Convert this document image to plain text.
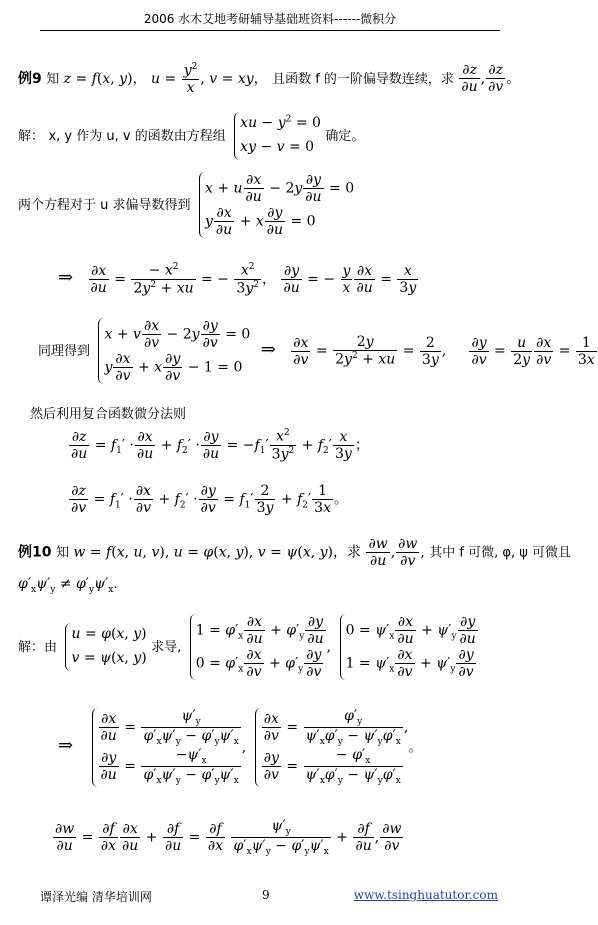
2006 水木艾地考研辅导基础班资料------微积分
例9 知 z = f(x, y)， $u = \frac{y^2}{x}$ , v = xy， 且函数 f 的一阶偏导数连续，求 $\frac{\partial z}{\partial u}$ , $\frac{\partial z}{\partial v}$ 。
解： x, y 作为 u, v 的函数由方程组
xu − $y^2 = 0$
xy − v = 0
确定。
两个方程对于 u 求偏导数得到
x + u $\frac{\partial x}{\partial u} - 2y \frac{\partial y}{\partial u} = 0$
y $\frac{\partial x}{\partial u} + x \frac{\partial y}{\partial u} = 0$
⇒ $\frac{\partial x}{\partial u} = \frac{- x^2}{2y^2 + xu}$ = − $\frac{x^2}{3y^2}$ ， $\frac{\partial y}{\partial u}$ = − $\frac{y}{x} \frac{\partial x}{\partial u} = \frac{x}{3y}$
同理得到
x + v $\frac{\partial x}{\partial v} - 2y \frac{\partial y}{\partial v} = 0$
y $\frac{\partial x}{\partial v} + x \frac{\partial y}{\partial v} - 1 = 0$
⇒ $\frac{\partial x}{\partial v} = \frac{2y}{2y^2 + xu} = \frac{2}{3y}$ , $\frac{\partial y}{\partial v} = \frac{u}{2y} \frac{\partial x}{\partial v} = \frac{1}{3x}$
然后利用复合函数微分法则
$\frac{\partial z}{\partial u} = f_1' \cdot \frac{\partial x}{\partial u} + f_2' \cdot \frac{\partial y}{\partial u} = -f_1' \frac{x^2}{3y^2} + f_2' \frac{x}{3y}$ ；
$\frac{\partial z}{\partial v} = f_1' \cdot \frac{\partial x}{\partial v} + f_2' \cdot \frac{\partial y}{\partial v} = f_1' \frac{2}{3y} + f_2' \frac{1}{3x}$ 。
例10 知 w = f(x, u, v), u = φ(x, y), v = ψ(x, y)，求 $\frac{\partial w}{\partial u}$ , $\frac{\partial w}{\partial v}$ , 其中 f 可微, φ, ψ 可微且
$\varphi'_x\psi'_y \ne \varphi'_y\psi'_x$.
解：由
u = φ(x, y)
v = ψ(x, y)
求导,
$1 = \varphi'_x \frac{\partial x}{\partial u} + \varphi'_y \frac{\partial y}{\partial u}$
$0 = \varphi'_x \frac{\partial x}{\partial v} + \varphi'_y \frac{\partial y}{\partial v}$ ,
$0 = \psi'_x \frac{\partial x}{\partial u} + \psi'_y \frac{\partial y}{\partial u}$
$1 = \psi'_x \frac{\partial x}{\partial v} + \psi'_y \frac{\partial y}{\partial v}$
⇒
$\frac{\partial x}{\partial u} = \frac{\psi'_y}{\varphi'_x\psi'_y - \varphi'_y\psi'_x}$
$\frac{\partial y}{\partial u} = \frac{-\psi'_x}{\varphi'_x\psi'_y - \varphi'_y\psi'_x}$ ,
$\frac{\partial x}{\partial v} = \frac{\varphi'_y}{\psi'_x\varphi'_y - \psi'_y\varphi'_x}$ ,
$\frac{\partial y}{\partial v} = \frac{- \varphi'_x}{\psi'_x\varphi'_y - \psi'_y\varphi'_x}$ 。
$\frac{\partial w}{\partial u} = \frac{\partial f}{\partial x} \frac{\partial x}{\partial u} + \frac{\partial f}{\partial u} = \frac{\partial f}{\partial x}$
$\frac{\psi'_y}{\varphi'_x\psi'_y - \varphi'_y\psi'_x} + \frac{\partial f}{\partial u}$ , $\frac{\partial w}{\partial v}$
谭泽光编 清华培训网	9	www.tsinghuatutor.com
